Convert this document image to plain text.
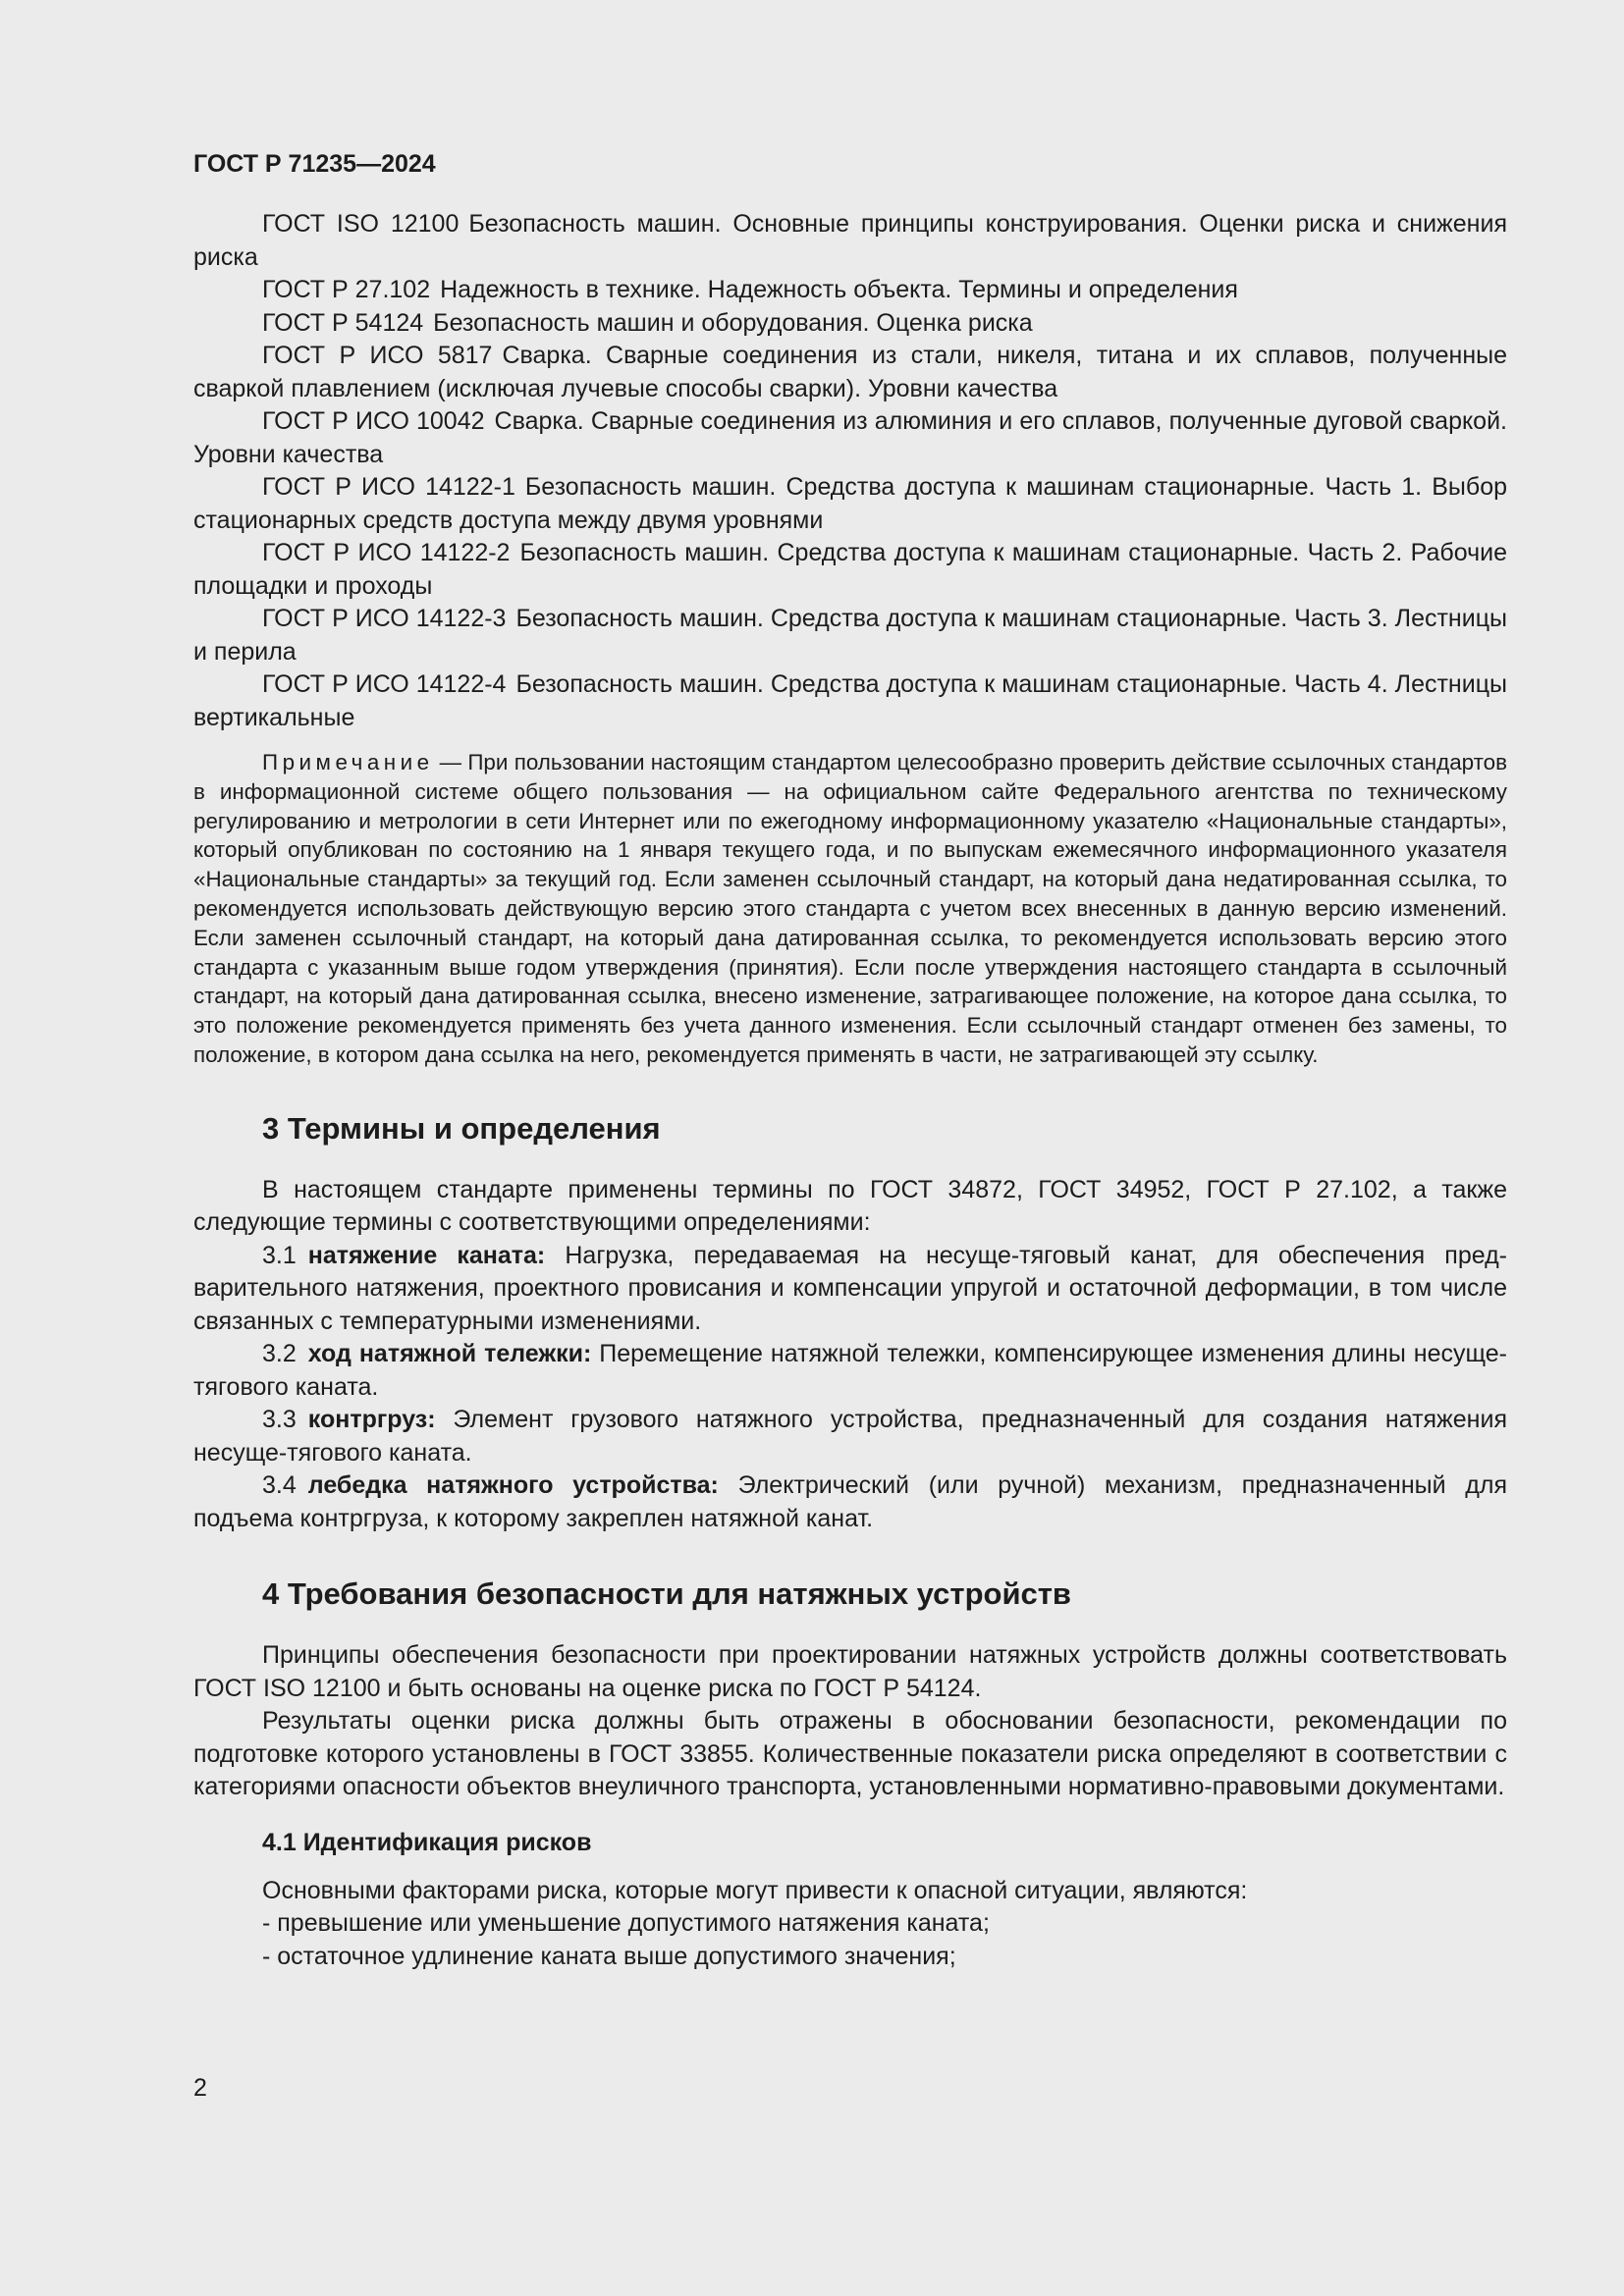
ГОСТ Р 71235—2024

ГОСТ ISO 12100 Безопасность машин. Основные принципы конструирования. Оценки риска и снижения риска

ГОСТ Р 27.102 Надежность в технике. Надежность объекта. Термины и определения

ГОСТ Р 54124 Безопасность машин и оборудования. Оценка риска

ГОСТ Р ИСО 5817 Сварка. Сварные соединения из стали, никеля, титана и их сплавов, полученные сваркой плавлением (исключая лучевые способы сварки). Уровни качества

ГОСТ Р ИСО 10042 Сварка. Сварные соединения из алюминия и его сплавов, полученные дуговой сваркой. Уровни качества

ГОСТ Р ИСО 14122-1 Безопасность машин. Средства доступа к машинам стационарные. Часть 1. Выбор стационарных средств доступа между двумя уровнями

ГОСТ Р ИСО 14122-2 Безопасность машин. Средства доступа к машинам стационарные. Часть 2. Рабочие площадки и проходы

ГОСТ Р ИСО 14122-3 Безопасность машин. Средства доступа к машинам стационарные. Часть 3. Лестницы и перила

ГОСТ Р ИСО 14122-4 Безопасность машин. Средства доступа к машинам стационарные. Часть 4. Лестницы вертикальные

Примечание — При пользовании настоящим стандартом целесообразно проверить действие ссылочных стандартов в информационной системе общего пользования — на официальном сайте Федерального агентства по техническому регулированию и метрологии в сети Интернет или по ежегодному информационному указателю «Национальные стандарты», который опубликован по состоянию на 1 января текущего года, и по выпускам ежемесячного информационного указателя «Национальные стандарты» за текущий год. Если заменен ссылочный стандарт, на который дана недатированная ссылка, то рекомендуется использовать действующую версию этого стандарта с учетом всех внесенных в данную версию изменений. Если заменен ссылочный стандарт, на который дана датированная ссылка, то рекомендуется использовать версию этого стандарта с указанным выше годом утверждения (принятия). Если после утверждения настоящего стандарта в ссылочный стандарт, на который дана датированная ссылка, внесено изменение, затрагивающее положение, на которое дана ссылка, то это положение рекомендуется применять без учета данного изменения. Если ссылочный стандарт отменен без замены, то положение, в котором дана ссылка на него, рекомендуется применять в части, не затрагивающей эту ссылку.

3 Термины и определения

В настоящем стандарте применены термины по ГОСТ 34872, ГОСТ 34952, ГОСТ Р 27.102, а также следующие термины с соответствующими определениями:

3.1 натяжение каната: Нагрузка, передаваемая на несуще-тяговый канат, для обеспечения предварительного натяжения, проектного провисания и компенсации упругой и остаточной деформации, в том числе связанных с температурными изменениями.

3.2 ход натяжной тележки: Перемещение натяжной тележки, компенсирующее изменения длины несуще-тягового каната.

3.3 контргруз: Элемент грузового натяжного устройства, предназначенный для создания натяжения несуще-тягового каната.

3.4 лебедка натяжного устройства: Электрический (или ручной) механизм, предназначенный для подъема контргруза, к которому закреплен натяжной канат.

4 Требования безопасности для натяжных устройств

Принципы обеспечения безопасности при проектировании натяжных устройств должны соответствовать ГОСТ ISO 12100 и быть основаны на оценке риска по ГОСТ Р 54124.

Результаты оценки риска должны быть отражены в обосновании безопасности, рекомендации по подготовке которого установлены в ГОСТ 33855. Количественные показатели риска определяют в соответствии с категориями опасности объектов внеуличного транспорта, установленными нормативно-правовыми документами.

4.1 Идентификация рисков

Основными факторами риска, которые могут привести к опасной ситуации, являются:

- превышение или уменьшение допустимого натяжения каната;
- остаточное удлинение каната выше допустимого значения;
2
